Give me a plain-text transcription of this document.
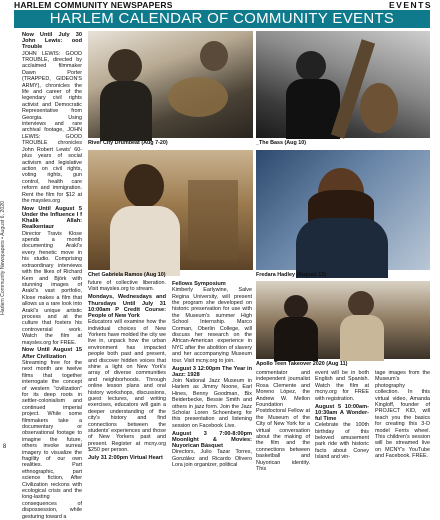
HARLEM COMMUNITY NEWSPAPERS	EVENTS
HARLEM CALENDAR OF COMMUNITY EVENTS
Harlem Community Newspapers • August 6, 2020
8
Now Until July 30 John Lewis: ood Trouble

JOHN LEWIS: GOOD TROUBLE, directed by acclaimed filmmaker Dawn Porter (TRAPPED, GIDEON'S ARMY), chronicles the life and career of the legendary civil rights activist and Democratic Representative from Georgia. Using interviews and rare archival footage, JOHN LEWIS: GOOD TROUBLE chronicles John Robert Lewis' 60-plus years of social activism and legislative action on civil rights, voting rights, gun control, health care reform and immigration. Rent the film for $12 at the maysles.org

Now Until August 5 Under the Influence I f Khalik Allah: Realkentaur

Director Travis Klose spends a month documenting Arakī's every frenetic move in his studio. Comprising extraordinary interviews with the likes of Richard Kern and Björk with stunning images of Arakī's vast portfolio, Klose makes a film that allows us a rare look into Arakī's unique artistic process and at the culture that fosters his controversial work. Watch the film at maysles.org for FREE.

Now Until August 15 After Civilization

Streaming free for the next month are twelve films that together interrogate the concept of western "civilization" for its deep roots in settler-colonialism and continued imperial project. While some filmmakers take a documentary or observational footage to imagine the future, others invoke surreal imagery to visualize the fragility of our own realities. Part ethnographic, part science fiction, After Civilization reckons with ecological crisis and the long-lasting consequences of dispossession, while gesturing toward a

River City Drumbeat (Aug 7-20)	_The Bass (Aug 10)
Chet Gabriela Ramos (Aug 10)	Fredara Hadley (August 12)
Apollo Teen Takeover 2020 (Aug 11)

future of collective liberation. Visit maysles.org to stream.

Mondays, Wednesdays and Thursdays Until July 31 10:00am P Credit Course: People of New York

Educators will examine how the individual choices of New Yorkers have molded the city we live in, unpack how the urban environment has impacted people both past and present, and discover hidden voices that shine a light on New York's array of diverse communities and neighborhoods. Through online lesson plans and oral history workshops, discussions, guest lectures, and writing exercises, educators will gain a deeper understanding of the city's history and find connections between the students' experiences and those of New Yorkers past and present. Register at mcny.org $250 per person.

July 31 2:00pm Virtual Heart
Fellows Symposium

Kimberly Earlywine, Salve Regina University, will present the program she developed on historic preservation for use with the Museum's summer High School Internship. Marco Corman, Oberlin College, will discuss her research on the African-American experience in NYC after the abolition of slavery and her accompanying Museum tour. Visit mcny.org to join.

August 3 12:00pm The Year in Jazz: 1928

Join National Jazz Museum in Harlem as Jimmy Noone, Earl Hines, Benny Goodman, Bix Beiderbecke, Bessie Smith and others in jazz form. Join the Jazz Scholar Loren Schoenberg for this presentation and listening session on Facebook Live.

August 3 7:00-8:00pm Moonlight & Movies: Nuyorican Básquet

Directors, Julio Tazar Torres, González and Ricardo Olivero Lora join organizer, political

commentator and independent journalist Rosa Clemente and Moreno López, the Andrew W. Mellon Foundation Postdoctoral Fellow at the Museum of the City of New York for a virtual conversation about the making of the film and the connections between basketball and Nuyorican identity. This

event will be in both English and Spanish. Watch the film at mcny.org for FREE with registration.

August 5 10:00am-10:30am A Wonder-ful Time

Celebrate the 100th birthday of this beloved amusement park ride with historic facts about Coney Island and vin-

tage images from the Museum's photography collection. In this virtual video, Amanda Kingloff, founder of PROJECT KID, will teach you the basics for creating this 3-D model Ferris wheel. This children's session will be streamed live on MCNY's YouTube and Facebook. FREE.
